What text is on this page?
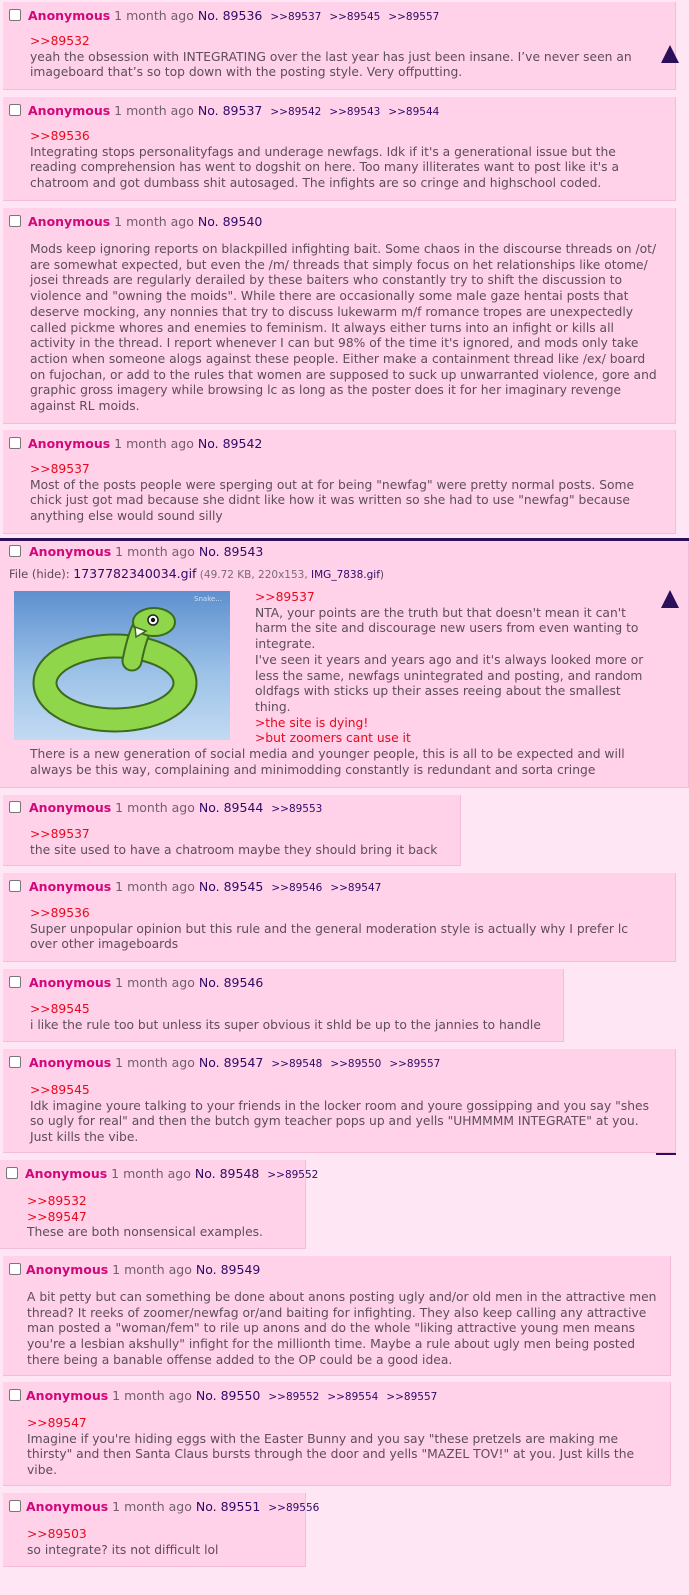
Anonymous 1 month ago No. 89536 >>89537 >>89545 >>89557
>>89532
yeah the obsession with INTEGRATING over the last year has just been insane. I’ve never seen an
imageboard that’s so top down with the posting style. Very offputting.
Anonymous 1 month ago No. 89537 >>89542 >>89543 >>89544
>>89536
Integrating stops personalityfags and underage newfags. Idk if it's a generational issue but the
reading comprehension has went to dogshit on here. Too many illiterates want to post like it's a
chatroom and got dumbass shit autosaged. The infights are so cringe and highschool coded.
Anonymous 1 month ago No. 89540
Mods keep ignoring reports on blackpilled infighting bait. Some chaos in the discourse threads on /ot/
are somewhat expected, but even the /m/ threads that simply focus on het relationships like otome/
josei threads are regularly derailed by these baiters who constantly try to shift the discussion to
violence and "owning the moids". While there are occasionally some male gaze hentai posts that
deserve mocking, any nonnies that try to discuss lukewarm m/f romance tropes are unexpectedly
called pickme whores and enemies to feminism. It always either turns into an infight or kills all
activity in the thread. I report whenever I can but 98% of the time it's ignored, and mods only take
action when someone alogs against these people. Either make a containment thread like /ex/ board
on fujochan, or add to the rules that women are supposed to suck up unwarranted violence, gore and
graphic gross imagery while browsing lc as long as the poster does it for her imaginary revenge
against RL moids.
Anonymous 1 month ago No. 89542
>>89537
Most of the posts people were sperging out at for being "newfag" were pretty normal posts. Some
chick just got mad because she didnt like how it was written so she had to use "newfag" because
anything else would sound silly
Anonymous 1 month ago No. 89543
File (hide): 1737782340034.gif (49.72 KB, 220x153, IMG_7838.gif)
Snake...	>>89537
NTA, your points are the truth but that doesn't mean it can't
harm the site and discourage new users from even wanting to
integrate.
I've seen it years and years ago and it's always looked more or
less the same, newfags unintegrated and posting, and random
oldfags with sticks up their asses reeing about the smallest
thing.
>the site is dying!
>but zoomers cant use it
There is a new generation of social media and younger people, this is all to be expected and will
always be this way, complaining and minimodding constantly is redundant and sorta cringe
Anonymous 1 month ago No. 89544 >>89553
>>89537
the site used to have a chatroom maybe they should bring it back
Anonymous 1 month ago No. 89545 >>89546 >>89547
>>89536
Super unpopular opinion but this rule and the general moderation style is actually why I prefer lc
over other imageboards
Anonymous 1 month ago No. 89546
>>89545
i like the rule too but unless its super obvious it shld be up to the jannies to handle
Anonymous 1 month ago No. 89547 >>89548 >>89550 >>89557
>>89545
Idk imagine youre talking to your friends in the locker room and youre gossipping and you say "shes
so ugly for real" and then the butch gym teacher pops up and yells "UHMMMM INTEGRATE" at you.
Just kills the vibe.
Anonymous 1 month ago No. 89548 >>89552
>>89532
>>89547
These are both nonsensical examples.
Anonymous 1 month ago No. 89549
A bit petty but can something be done about anons posting ugly and/or old men in the attractive men
thread? It reeks of zoomer/newfag or/and baiting for infighting. They also keep calling any attractive
man posted a "woman/fem" to rile up anons and do the whole "liking attractive young men means
you're a lesbian akshully" infight for the millionth time. Maybe a rule about ugly men being posted
there being a banable offense added to the OP could be a good idea.
Anonymous 1 month ago No. 89550 >>89552 >>89554 >>89557
>>89547
Imagine if you're hiding eggs with the Easter Bunny and you say "these pretzels are making me
thirsty" and then Santa Claus bursts through the door and yells "MAZEL TOV!" at you. Just kills the
vibe.
Anonymous 1 month ago No. 89551 >>89556
>>89503
so integrate? its not difficult lol
